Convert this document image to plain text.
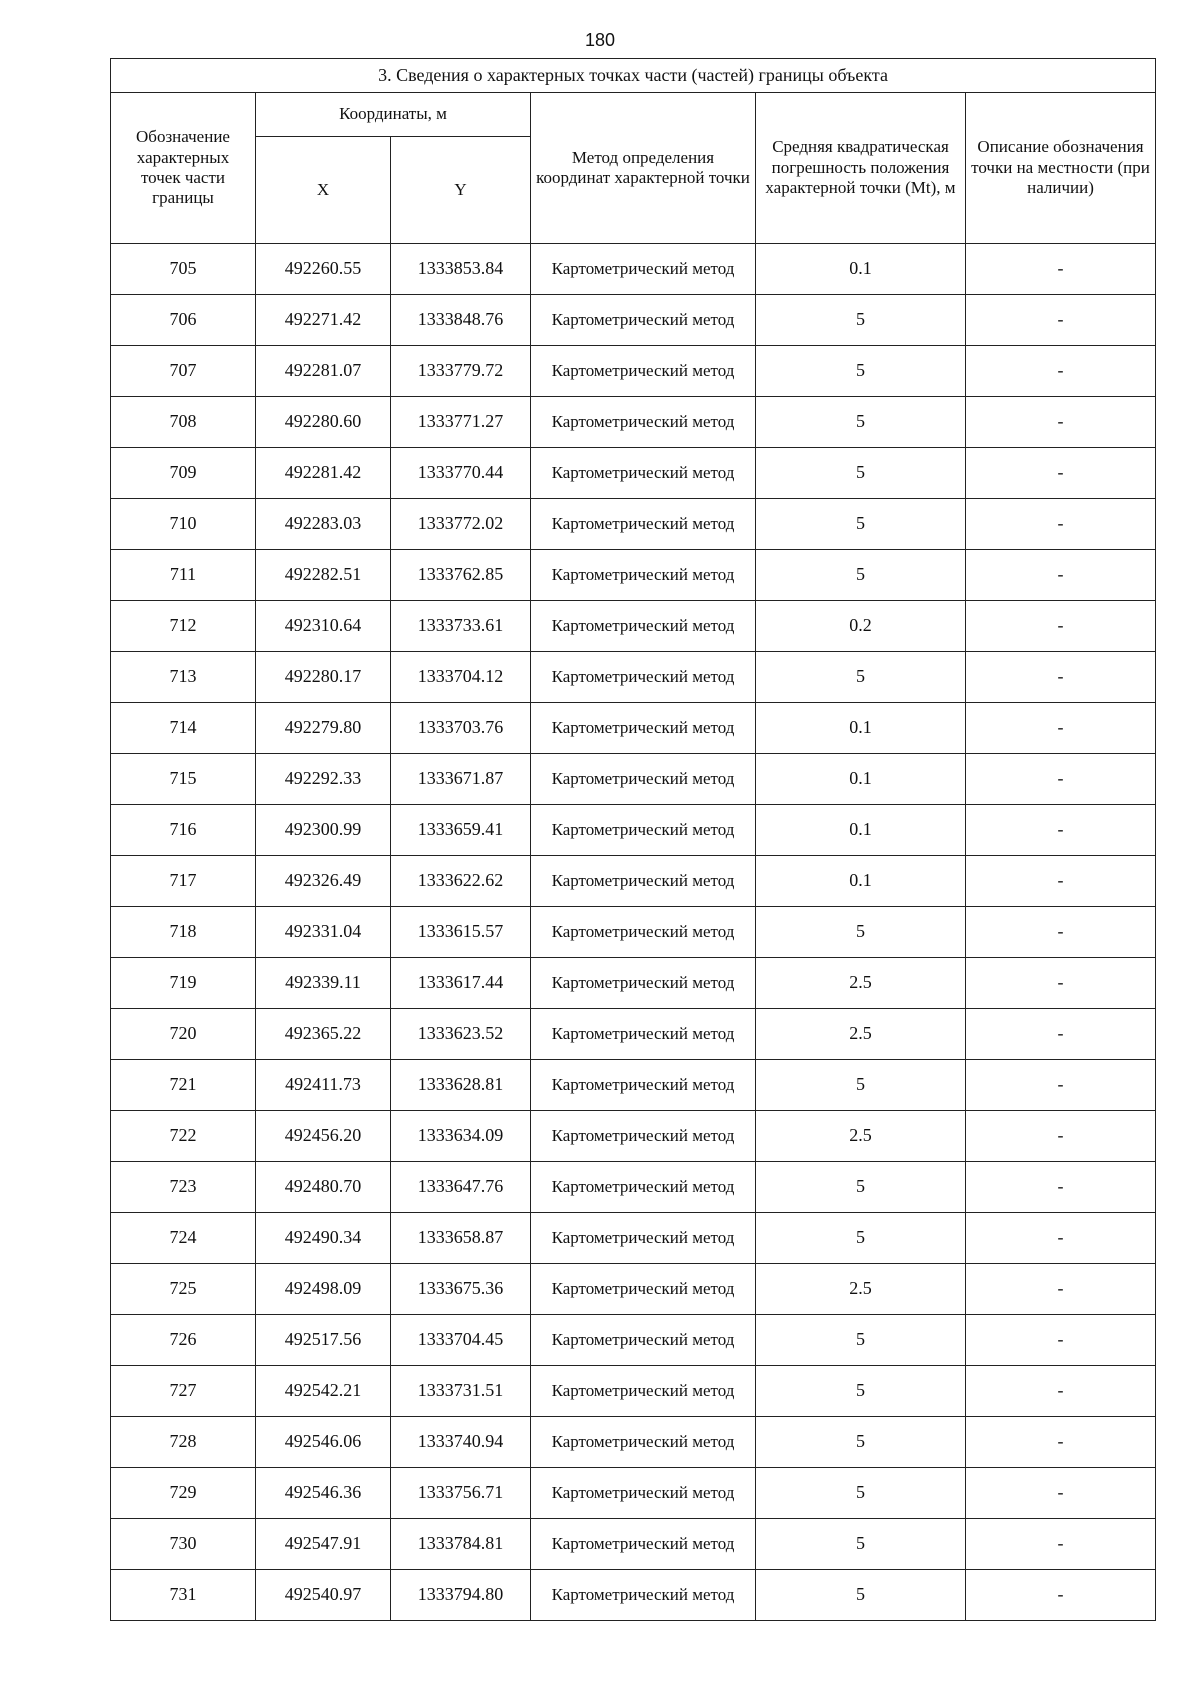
180
3. Сведения о характерных точках части (частей) границы объекта					
Обозначение характерных точек части границы	Координаты, м		Метод определения координат характерной точки	Средняя квадратическая погрешность положения характерной точки (Mt), м	Описание обозначения точки на местности (при наличии)
	X	Y			
705	492260.55	1333853.84	Картометрический метод	0.1	-
706	492271.42	1333848.76	Картометрический метод	5	-
707	492281.07	1333779.72	Картометрический метод	5	-
708	492280.60	1333771.27	Картометрический метод	5	-
709	492281.42	1333770.44	Картометрический метод	5	-
710	492283.03	1333772.02	Картометрический метод	5	-
711	492282.51	1333762.85	Картометрический метод	5	-
712	492310.64	1333733.61	Картометрический метод	0.2	-
713	492280.17	1333704.12	Картометрический метод	5	-
714	492279.80	1333703.76	Картометрический метод	0.1	-
715	492292.33	1333671.87	Картометрический метод	0.1	-
716	492300.99	1333659.41	Картометрический метод	0.1	-
717	492326.49	1333622.62	Картометрический метод	0.1	-
718	492331.04	1333615.57	Картометрический метод	5	-
719	492339.11	1333617.44	Картометрический метод	2.5	-
720	492365.22	1333623.52	Картометрический метод	2.5	-
721	492411.73	1333628.81	Картометрический метод	5	-
722	492456.20	1333634.09	Картометрический метод	2.5	-
723	492480.70	1333647.76	Картометрический метод	5	-
724	492490.34	1333658.87	Картометрический метод	5	-
725	492498.09	1333675.36	Картометрический метод	2.5	-
726	492517.56	1333704.45	Картометрический метод	5	-
727	492542.21	1333731.51	Картометрический метод	5	-
728	492546.06	1333740.94	Картометрический метод	5	-
729	492546.36	1333756.71	Картометрический метод	5	-
730	492547.91	1333784.81	Картометрический метод	5	-
731	492540.97	1333794.80	Картометрический метод	5	-
